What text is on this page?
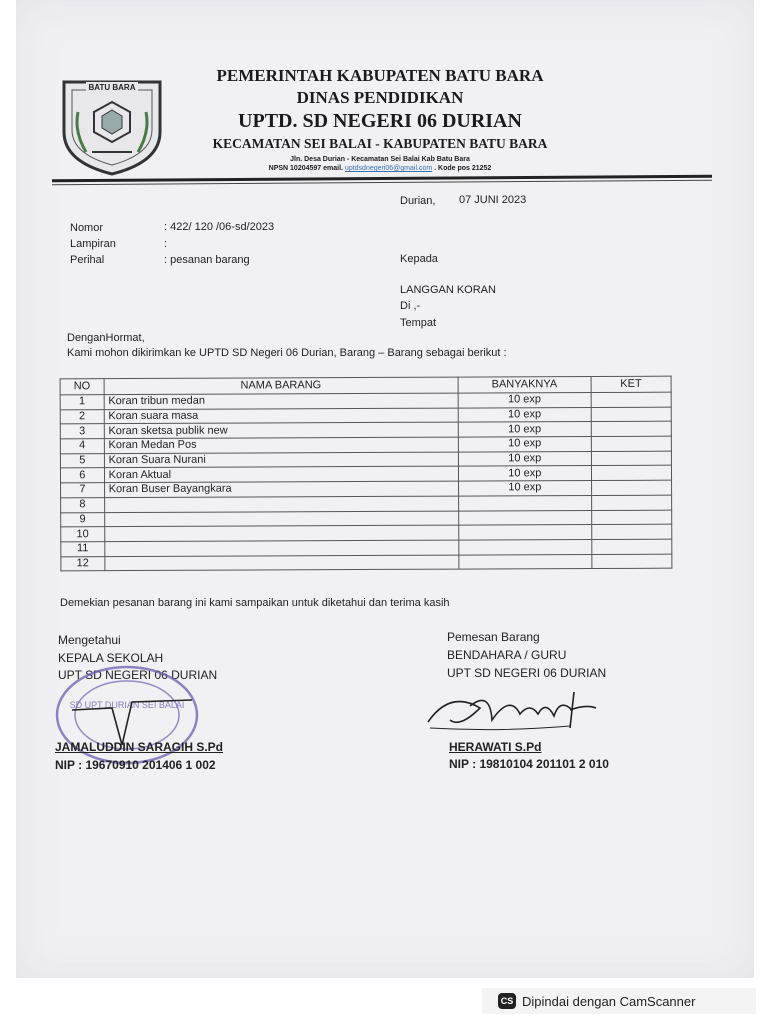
BATU BARA
PEMERINTAH KABUPATEN BATU BARA
DINAS PENDIDIKAN
UPTD. SD NEGERI 06 DURIAN
KECAMATAN SEI BALAI - KABUPATEN BATU BARA
Jln. Desa Durian - Kecamatan Sei Balai Kab Batu Bara
NPSN 10204597 email. uptdsdnegeri06@gmail.com . Kode pos 21252
Durian, 07 JUNI 2023
Nomor	: 422/ 120 /06-sd/2023
Lampiran	:
Perihal	: pesanan barang	Kepada
LANGGAN KORAN
Di ,-
Tempat
DenganHormat,
Kami mohon dikirimkan ke UPTD SD Negeri 06 Durian, Barang – Barang sebagai berikut :
NO	NAMA BARANG	BANYAKNYA	KET
1	Koran tribun medan	10 exp	
2	Koran suara masa	10 exp	
3	Koran sketsa publik new	10 exp	
4	Koran Medan Pos	10 exp	
5	Koran Suara Nurani	10 exp	
6	Koran Aktual	10 exp	
7	Koran Buser Bayangkara	10 exp	
8			
9			
10			
11			
12			
Demekian pesanan barang ini kami sampaikan untuk diketahui dan terima kasih
Mengetahui
KEPALA SEKOLAH
UPT SD NEGERI 06 DURIAN
SD UPT DURIAN SEI BALAI
JAMALUDDIN SARAGIH S.Pd
NIP : 19670910 201406 1 002
Pemesan Barang
BENDAHARA / GURU
UPT SD NEGERI 06 DURIAN
HERAWATI S.Pd
NIP : 19810104 201101 2 010
CS Dipindai dengan CamScanner
